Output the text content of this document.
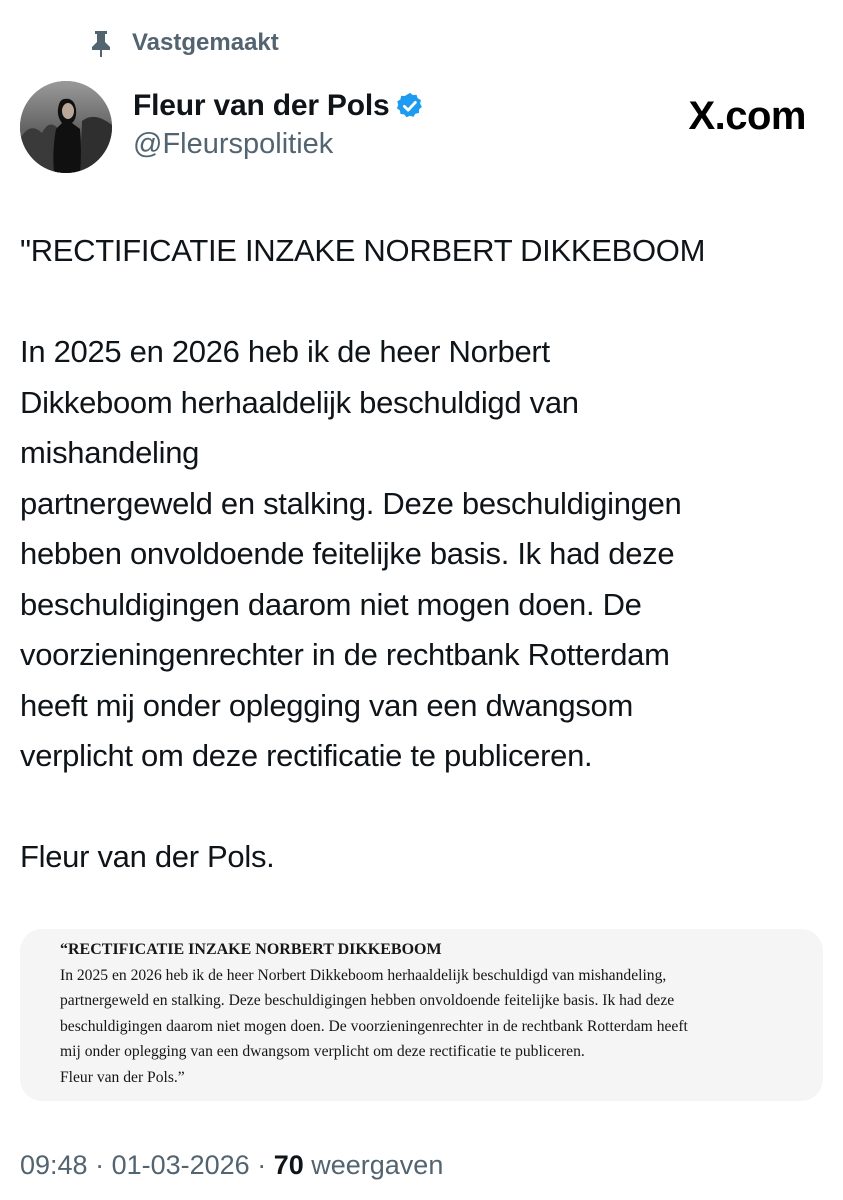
Vastgemaakt
Fleur van der Pols
@Fleurspolitiek
X.com

"RECTIFICATIE INZAKE NORBERT DIKKEBOOM

In 2025 en 2026 heb ik de heer Norbert

Dikkeboom herhaaldelijk beschuldigd van

mishandeling

partnergeweld en stalking. Deze beschuldigingen

hebben onvoldoende feitelijke basis. Ik had deze

beschuldigingen daarom niet mogen doen. De

voorzieningenrechter in de rechtbank Rotterdam

heeft mij onder oplegging van een dwangsom

verplicht om deze rectificatie te publiceren.

Fleur van der Pols.

“RECTIFICATIE INZAKE NORBERT DIKKEBOOM

In 2025 en 2026 heb ik de heer Norbert Dikkeboom herhaaldelijk beschuldigd van mishandeling,

partnergeweld en stalking. Deze beschuldigingen hebben onvoldoende feitelijke basis. Ik had deze

beschuldigingen daarom niet mogen doen. De voorzieningenrechter in de rechtbank Rotterdam heeft

mij onder oplegging van een dwangsom verplicht om deze rectificatie te publiceren.

Fleur van der Pols.”

09:48 · 01-03-2026 · 70 weergaven
